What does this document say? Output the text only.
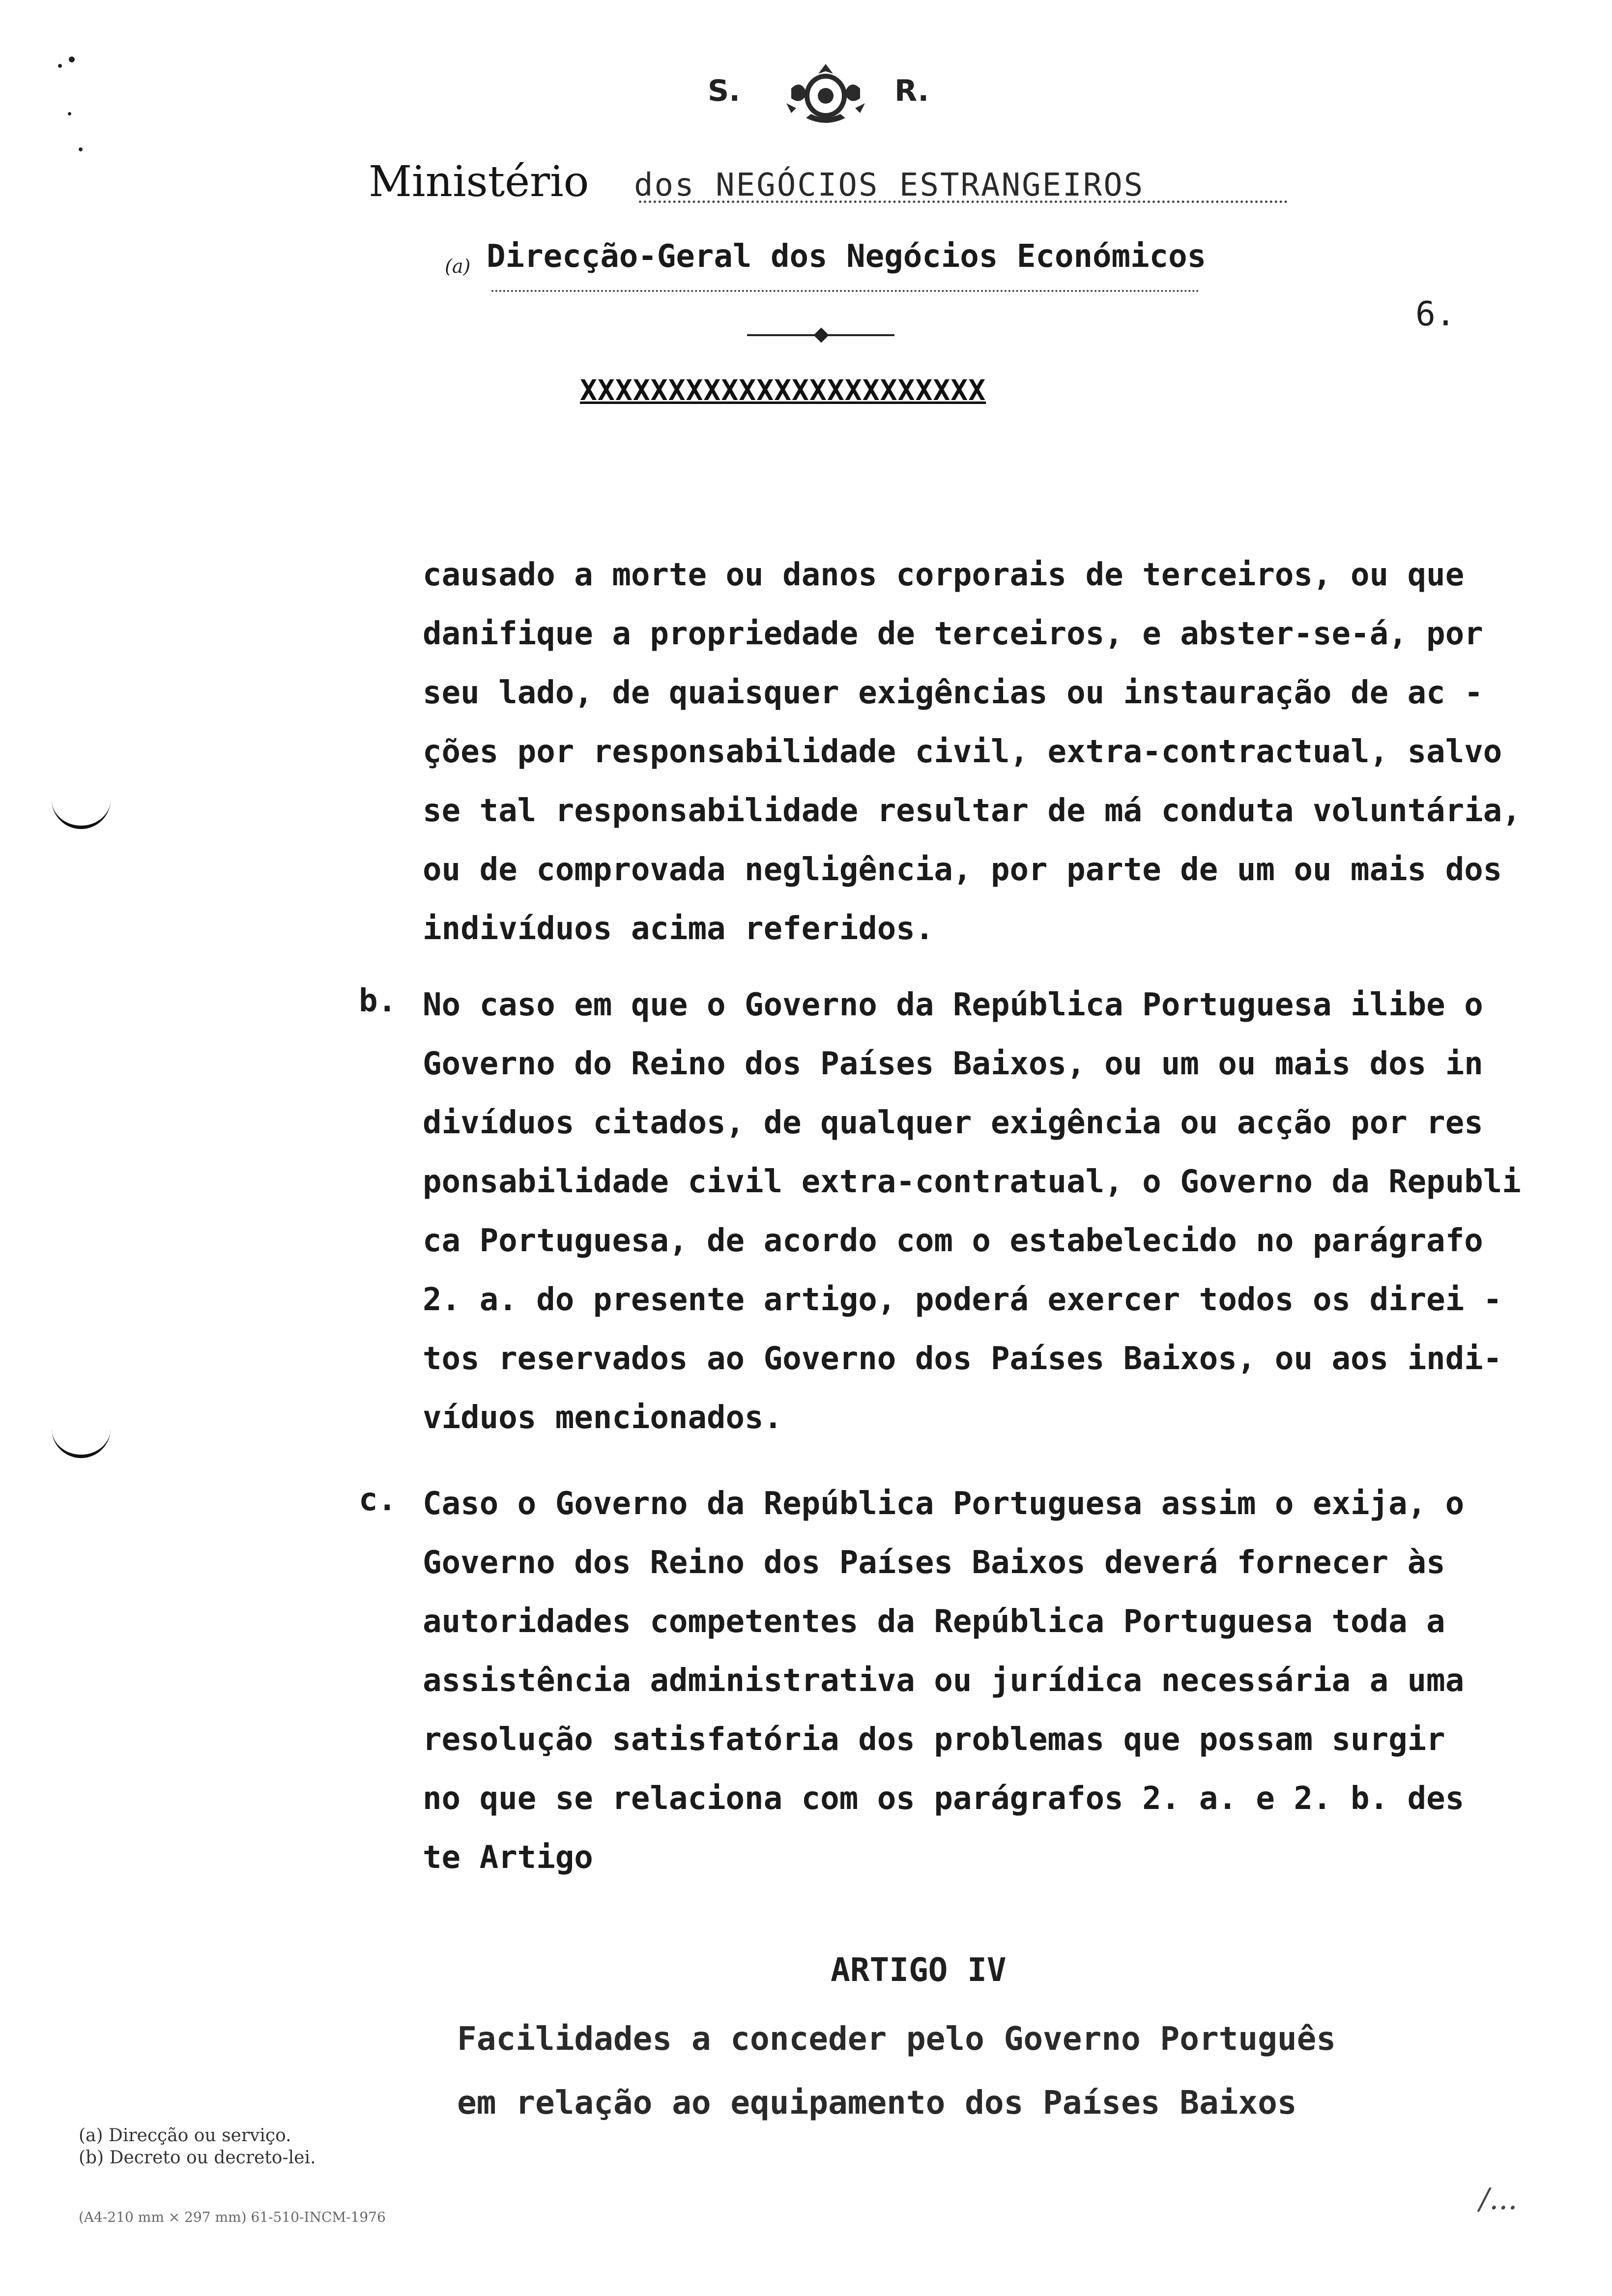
S.	R.
Ministério dos NEGÓCIOS ESTRANGEIROS
(a) Direcção-Geral dos Negócios Económicos
6.
XXXXXXXXXXXXXXXXXXXXXXX

causado a morte ou danos corporais de terceiros, ou que

danifique a propriedade de terceiros, e abster-se-á, por

seu lado, de quaisquer exigências ou instauração de ac -

ções por responsabilidade civil, extra-contractual, salvo

se tal responsabilidade resultar de má conduta voluntária,

ou de comprovada negligência, por parte de um ou mais dos

indivíduos acima referidos.

b. No caso em que o Governo da República Portuguesa ilibe o

Governo do Reino dos Países Baixos, ou um ou mais dos in

divíduos citados, de qualquer exigência ou acção por res

ponsabilidade civil extra-contratual, o Governo da Republi

ca Portuguesa, de acordo com o estabelecido no parágrafo

2. a. do presente artigo, poderá exercer todos os direi -

tos reservados ao Governo dos Países Baixos, ou aos indi-

víduos mencionados.

c. Caso o Governo da República Portuguesa assim o exija, o

Governo dos Reino dos Países Baixos deverá fornecer às

autoridades competentes da República Portuguesa toda a

assistência administrativa ou jurídica necessária a uma

resolução satisfatória dos problemas que possam surgir

no que se relaciona com os parágrafos 2. a. e 2. b. des

te Artigo

ARTIGO IV
Facilidades a conceder pelo Governo Português
em relação ao equipamento dos Países Baixos
(a) Direcção ou serviço.
(b) Decreto ou decreto-lei.
(A4-210 mm × 297 mm) 61-510-INCM-1976
/...
